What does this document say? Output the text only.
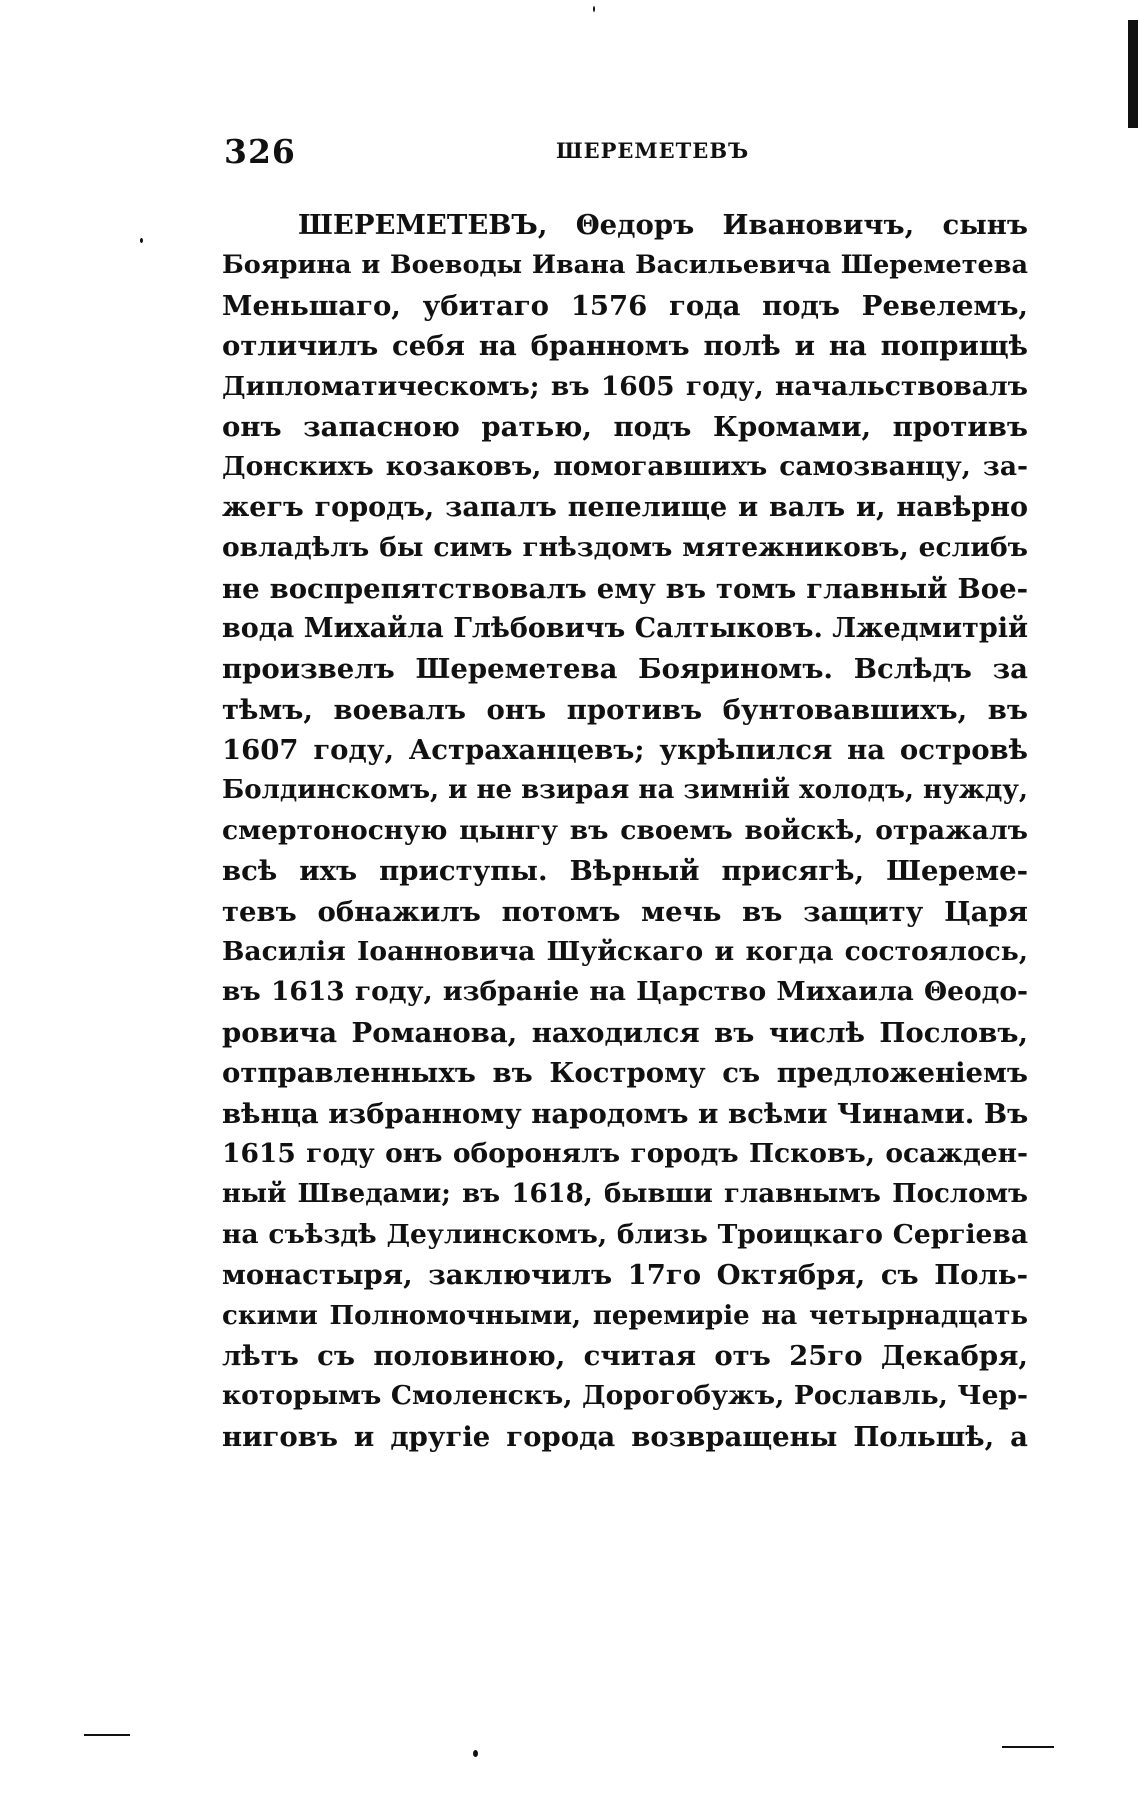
326	ШЕРЕМЕТЕВЪ
ШЕРЕМЕТЕВЪ, Θедоръ Ивановичъ, сынъ
Боярина и Воеводы Ивана Васильевича Шереметева
Меньшаго, убитаго 1576 года подъ Ревелемъ,
отличилъ себя на бранномъ полѣ и на поприщѣ
Дипломатическомъ; въ 1605 году, начальствовалъ
онъ запасною ратью, подъ Кромами, противъ
Донскихъ козаковъ, помогавшихъ самозванцу, за-
жегъ городъ, запалъ пепелище и валъ и, навѣрно
овладѣлъ бы симъ гнѣздомъ мятежниковъ, еслибъ
не воспрепятствовалъ ему въ томъ главный Вое-
вода Михайла Глѣбовичъ Салтыковъ. Лжедмитрій
произвелъ Шереметева Бояриномъ. Вслѣдъ за
тѣмъ, воевалъ онъ противъ бунтовавшихъ, въ
1607 году, Астраханцевъ; укрѣпился на островѣ
Болдинскомъ, и не взирая на зимній холодъ, нужду,
смертоносную цынгу въ своемъ войскѣ, отражалъ
всѣ ихъ приступы. Вѣрный присягѣ, Шереме-
тевъ обнажилъ потомъ мечь въ защиту Царя
Василія Іоанновича Шуйскаго и когда состоялось,
въ 1613 году, избраніе на Царство Михаила Θеодо-
ровича Романова, находился въ числѣ Пословъ,
отправленныхъ въ Кострому съ предложеніемъ
вѣнца избранному народомъ и всѣми Чинами. Въ
1615 году онъ оборонялъ городъ Псковъ, осажден-
ный Шведами; въ 1618, бывши главнымъ Посломъ
на съѣздѣ Деулинскомъ, близь Троицкаго Сергіева
монастыря, заключилъ 17го Октября, съ Поль-
скими Полномочными, перемиріе на четырнадцать
лѣтъ съ половиною, считая отъ 25го Декабря,
которымъ Смоленскъ, Дорогобужъ, Рославль, Чер-
ниговъ и другіе города возвращены Польшѣ, а
